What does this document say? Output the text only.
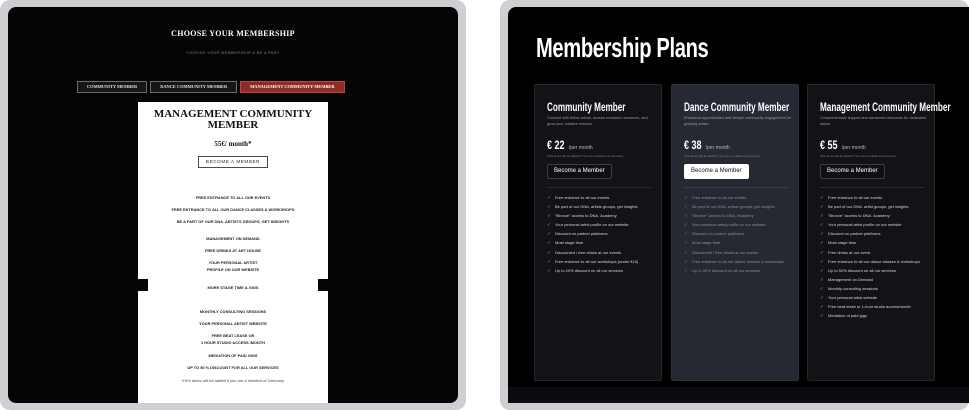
CHOOSE YOUR MEMBERSHIP
CHOOSE YOUR MEMBERSHIP & BE A PART
COMMUNITY MEMBER	DANCE COMMUNITY MEMBER	MANAGEMENT COMMUNITY MEMBER
MANAGEMENT COMMUNITY MEMBER
55€/ month*
BECOME A MEMBER
FREE ENTRANCE TO ALL OUR EVENTS
FREE ENTRANCE TO ALL OUR DANCE CLASSES & WORKSHOPS
BE A PART OF OUR DNA. ARTISTS GROUPS, GET INSIGHTS
MANAGEMENT ON DEMAND
FREE DRINKS AT ART HOUSE
YOUR PERSONAL ARTIST
PROFILE ON OUR WEBSITE
MORE STAGE TIME & GIGS
MONTHLY CONSULTING SESSIONS
YOUR PERSONAL ARTIST WEBSITE
FREE BEAT LEASE OR
1 HOUR STUDIO ACCESS /MONTH
MEDIATION OF PAID GIGS
UP TO 50 % DISCOUNT FOR ALL OUR SERVICES
*19% taxes will be added if you are a resident of Germany.
Membership Plans
Community Member
Connect with fellow artists, access exclusive resources, and grow your creative network
€ 22 /per month
19% taxes will be added if You are a resident of Germany.
Become a Member
✓	Free entrance to all our events
✓	Be part of our DNA. artists groups, get insights
✓	"Bronze" access to DNA. Academy
✓	Your personal artist profile on our website
✓	Discount on partner platforms
✓	Most stage time
✓	Discounted / free drinks at our events
✓	Free entrance to all our workshops (under €15)
✓	Up to 20% discount on all our services
Dance Community Member
Enhanced opportunities and deeper community engagement for growing artists
€ 38 /per month
19% taxes will be added if You are a resident of Germany.
Become a Member
✓	Free entrance to all our events
✓	Be part of our DNA. artists groups, get insights
✓	"Bronze" access to DNA. Academy
✓	Your personal artist profile on our website
✓	Discount on partner platforms
✓	Most stage time
✓	Discounted / free drinks at our events
✓	Free entrance to all our dance classes & workshops
✓	Up to 30% discount on all our services
Management Community Member
Comprehensive support and advanced resources for dedicated artists
€ 55 /per month
19% taxes will be added if You are a resident of Germany.
Become a Member
✓	Free entrance to all our events
✓	Be part of our DNA. artist groups, get insights
✓	"Bronze" access to DNA. Academy
✓	Your personal artist profile on our website
✓	Discount on partner platforms
✓	Most stage time
✓	Free drinks at our event
✓	Free entrance to all our dance classes & workshops
✓	Up to 50% discount on all our services
✓	Management on Demand
✓	Monthly consulting sessions
✓	Your personal artist website
✓	Free beat lease or 1-hour studio access/month
✓	Mediation of paid gigs
